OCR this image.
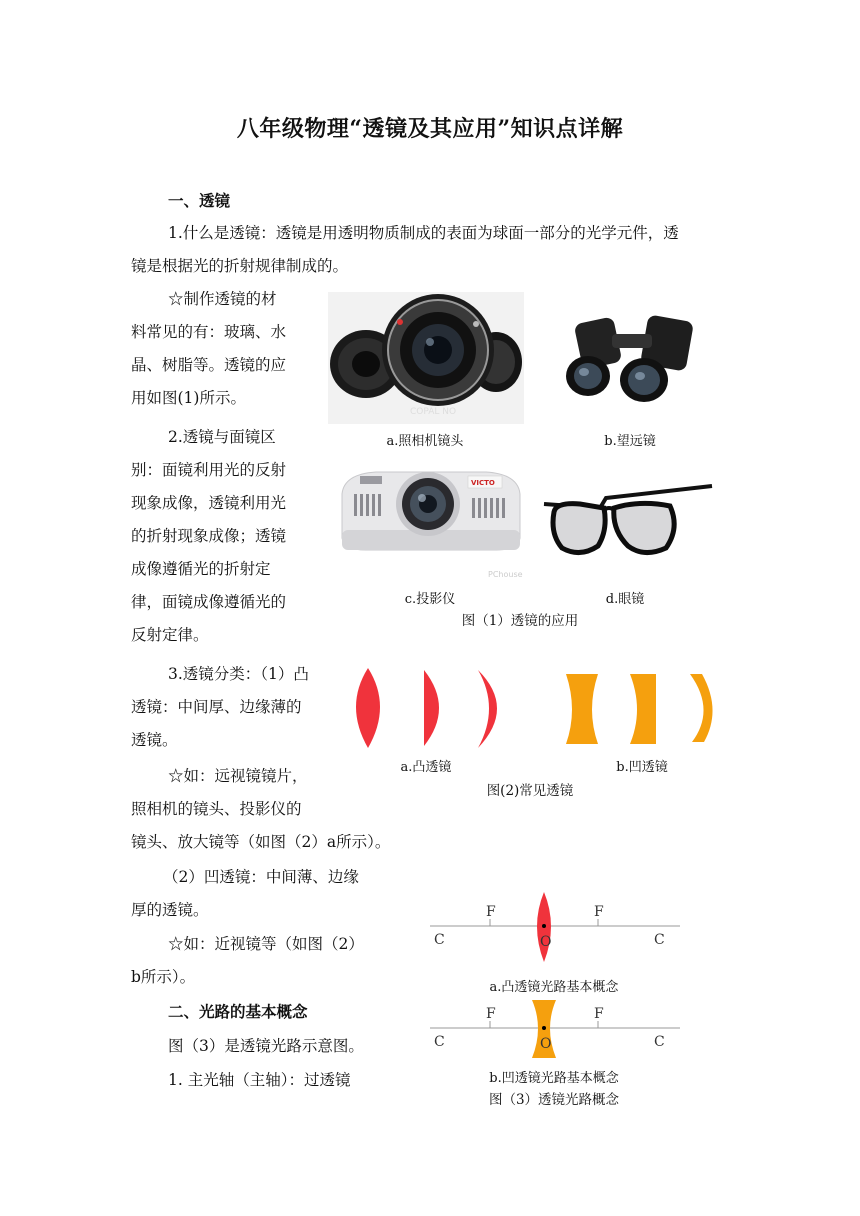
八年级物理“透镜及其应用”知识点详解
一、透镜
1.什么是透镜：透镜是用透明物质制成的表面为球面一部分的光学元件，透
镜是根据光的折射规律制成的。
☆制作透镜的材
料常见的有：玻璃、水
晶、树脂等。透镜的应
用如图(1)所示。
2.透镜与面镜区
别：面镜利用光的反射
现象成像，透镜利用光
的折射现象成像；透镜
成像遵循光的折射定
律，面镜成像遵循光的
反射定律。
3.透镜分类：（1）凸
透镜：中间厚、边缘薄的
透镜。
☆如：远视镜镜片，
照相机的镜头、投影仪的
镜头、放大镜等（如图（2）a所示）。
（2）凹透镜：中间薄、边缘
厚的透镜。
☆如：近视镜等（如图（2）
b所示）。
二、光路的基本概念
图（3）是透镜光路示意图。
1. 主光轴（主轴）：过透镜
COPAL NO
a.照相机镜头	b.望远镜
VICTO
PChouse
c.投影仪	d.眼镜
图（1）透镜的应用
a.凸透镜	b.凹透镜
图(2)常见透镜
F	F
C	C
O
a.凸透镜光路基本概念
F	F
C	C
O
b.凹透镜光路基本概念
图（3）透镜光路概念
